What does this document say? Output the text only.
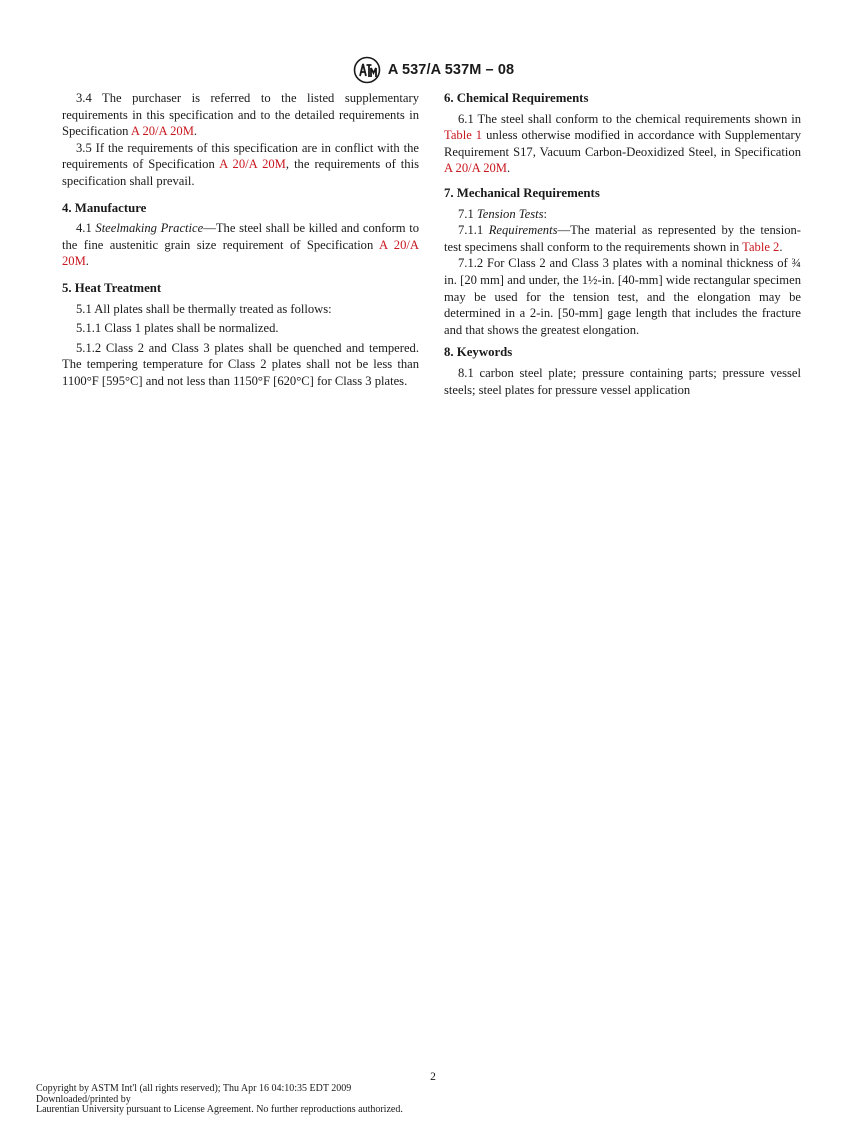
A 537/A 537M – 08

3.4 The purchaser is referred to the listed supplementary requirements in this specification and to the detailed requirements in Specification A 20/A 20M.

3.5 If the requirements of this specification are in conflict with the requirements of Specification A 20/A 20M, the requirements of this specification shall prevail.

4. Manufacture

4.1 Steelmaking Practice—The steel shall be killed and conform to the fine austenitic grain size requirement of Specification A 20/A 20M.

5. Heat Treatment

5.1 All plates shall be thermally treated as follows:

5.1.1 Class 1 plates shall be normalized.

5.1.2 Class 2 and Class 3 plates shall be quenched and tempered. The tempering temperature for Class 2 plates shall not be less than 1100°F [595°C] and not less than 1150°F [620°C] for Class 3 plates.

6. Chemical Requirements

6.1 The steel shall conform to the chemical requirements shown in Table 1 unless otherwise modified in accordance with Supplementary Requirement S17, Vacuum Carbon-Deoxidized Steel, in Specification A 20/A 20M.

7. Mechanical Requirements

7.1 Tension Tests:

7.1.1 Requirements—The material as represented by the tension-test specimens shall conform to the requirements shown in Table 2.

7.1.2 For Class 2 and Class 3 plates with a nominal thickness of ¾ in. [20 mm] and under, the 1½-in. [40-mm] wide rectangular specimen may be used for the tension test, and the elongation may be determined in a 2-in. [50-mm] gage length that includes the fracture and that shows the greatest elongation.

8. Keywords

8.1 carbon steel plate; pressure containing parts; pressure vessel steels; steel plates for pressure vessel application

2
Copyright by ASTM Int'l (all rights reserved); Thu Apr 16 04:10:35 EDT 2009
Downloaded/printed by
Laurentian University pursuant to License Agreement. No further reproductions authorized.
